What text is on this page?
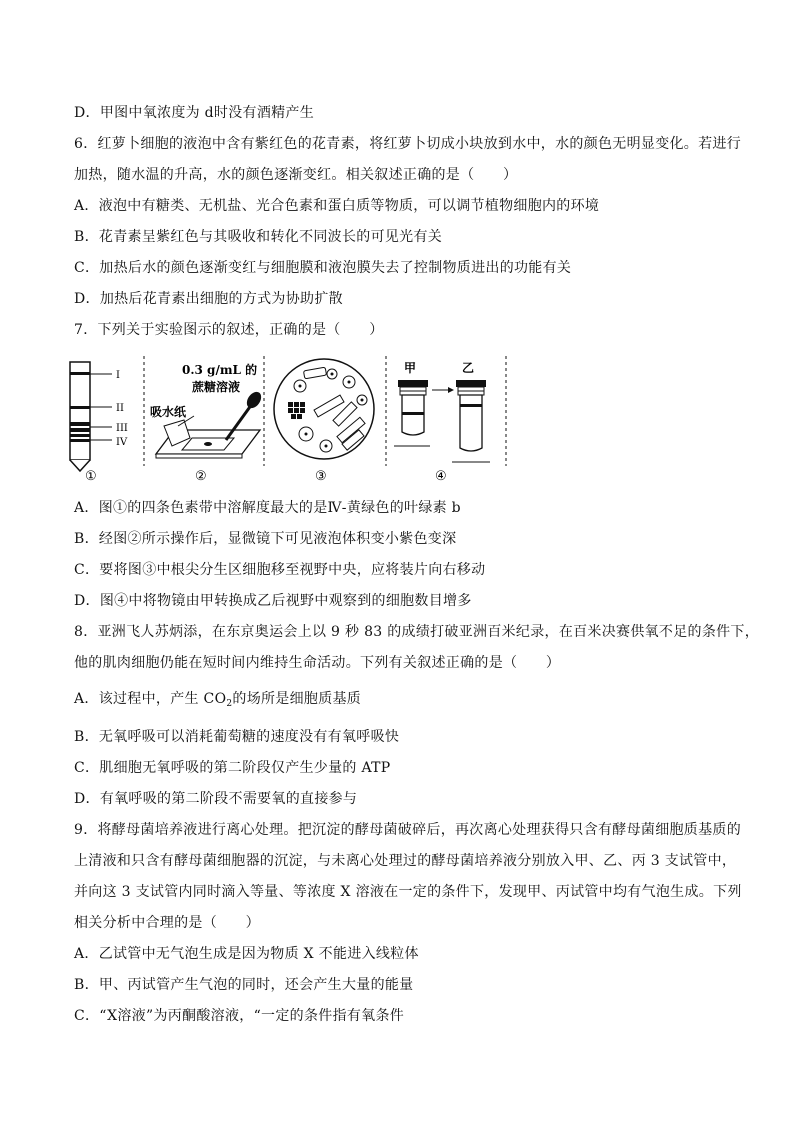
D．甲图中氧浓度为 d时没有酒精产生
6．红萝卜细胞的液泡中含有紫红色的花青素，将红萝卜切成小块放到水中，水的颜色无明显变化。若进行
加热，随水温的升高，水的颜色逐渐变红。相关叙述正确的是（　　）
A．液泡中有糖类、无机盐、光合色素和蛋白质等物质，可以调节植物细胞内的环境
B．花青素呈紫红色与其吸收和转化不同波长的可见光有关
C．加热后水的颜色逐渐变红与细胞膜和液泡膜失去了控制物质进出的功能有关
D．加热后花青素出细胞的方式为协助扩散
7．下列关于实验图示的叙述，正确的是（　　）
I
II
III
IV
①
0.3 g/mL 的
蔗糖溶液
吸水纸
②	③
甲	乙
④
A．图①的四条色素带中溶解度最大的是Ⅳ-黄绿色的叶绿素 b
B．经图②所示操作后，显微镜下可见液泡体积变小紫色变深
C．要将图③中根尖分生区细胞移至视野中央，应将装片向右移动
D．图④中将物镜由甲转换成乙后视野中观察到的细胞数目增多
8．亚洲飞人苏炳添，在东京奥运会上以 9 秒 83 的成绩打破亚洲百米纪录，在百米决赛供氧不足的条件下，
他的肌肉细胞仍能在短时间内维持生命活动。下列有关叙述正确的是（　　）
A．该过程中，产生 $CO_2$的场所是细胞质基质
B．无氧呼吸可以消耗葡萄糖的速度没有有氧呼吸快
C．肌细胞无氧呼吸的第二阶段仅产生少量的 ATP
D．有氧呼吸的第二阶段不需要氧的直接参与
9．将酵母菌培养液进行离心处理。把沉淀的酵母菌破碎后，再次离心处理获得只含有酵母菌细胞质基质的
上清液和只含有酵母菌细胞器的沉淀，与未离心处理过的酵母菌培养液分别放入甲、乙、丙 3 支试管中，
并向这 3 支试管内同时滴入等量、等浓度 X 溶液在一定的条件下，发现甲、丙试管中均有气泡生成。下列
相关分析中合理的是（　　）
A．乙试管中无气泡生成是因为物质 X 不能进入线粒体
B．甲、丙试管产生气泡的同时，还会产生大量的能量
C．“X溶液”为丙酮酸溶液，“一定的条件指有氧条件
